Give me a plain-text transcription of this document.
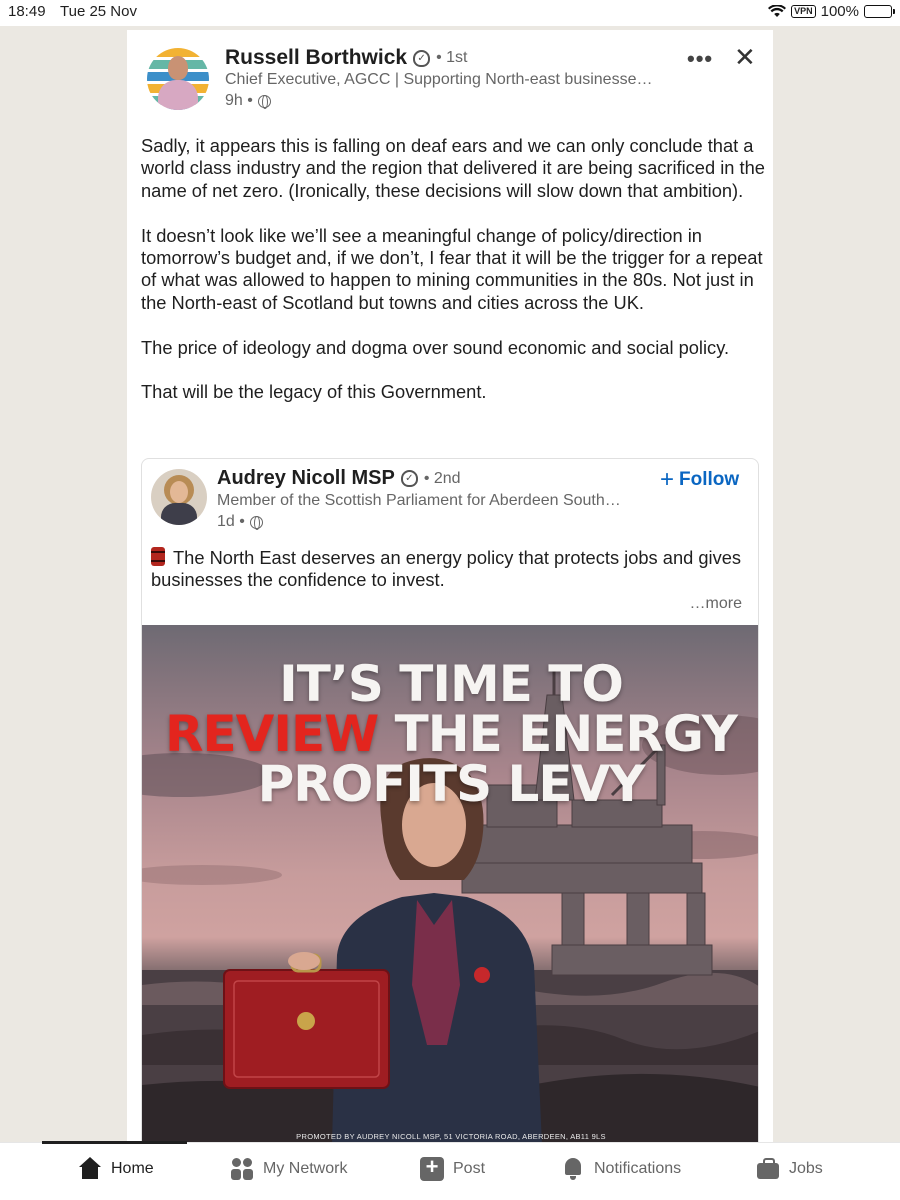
18:49 Tue 25 Nov	VPN 100%
Russell Borthwick	✓ • 1st
Chief Executive, AGCC | Supporting North-east businesse…
9h •
••• ✕

Sadly, it appears this is falling on deaf ears and we can only conclude that a world class industry and the region that delivered it are being sacrificed in the name of net zero. (Ironically, these decisions will slow down that ambition).

It doesn’t look like we’ll see a meaningful change of policy/direction in tomorrow’s budget and, if we don’t, I fear that it will be the trigger for a repeat of what was allowed to happen to mining communities in the 80s. Not just in the North-east of Scotland but towns and cities across the UK.

The price of ideology and dogma over sound economic and social policy.

That will be the legacy of this Government.

Audrey Nicoll MSP	✓ • 2nd
Member of the Scottish Parliament for Aberdeen South…
1d •
+ Follow
The North East deserves an energy policy that protects jobs and gives businesses the confidence to invest.
…more
IT’S TIME TO
REVIEW THE ENERGY
PROFITS LEVY
PROMOTED BY AUDREY NICOLL MSP, 51 VICTORIA ROAD, ABERDEEN, AB11 9LS
Home	My Network
+	Post	Notifications	Jobs
